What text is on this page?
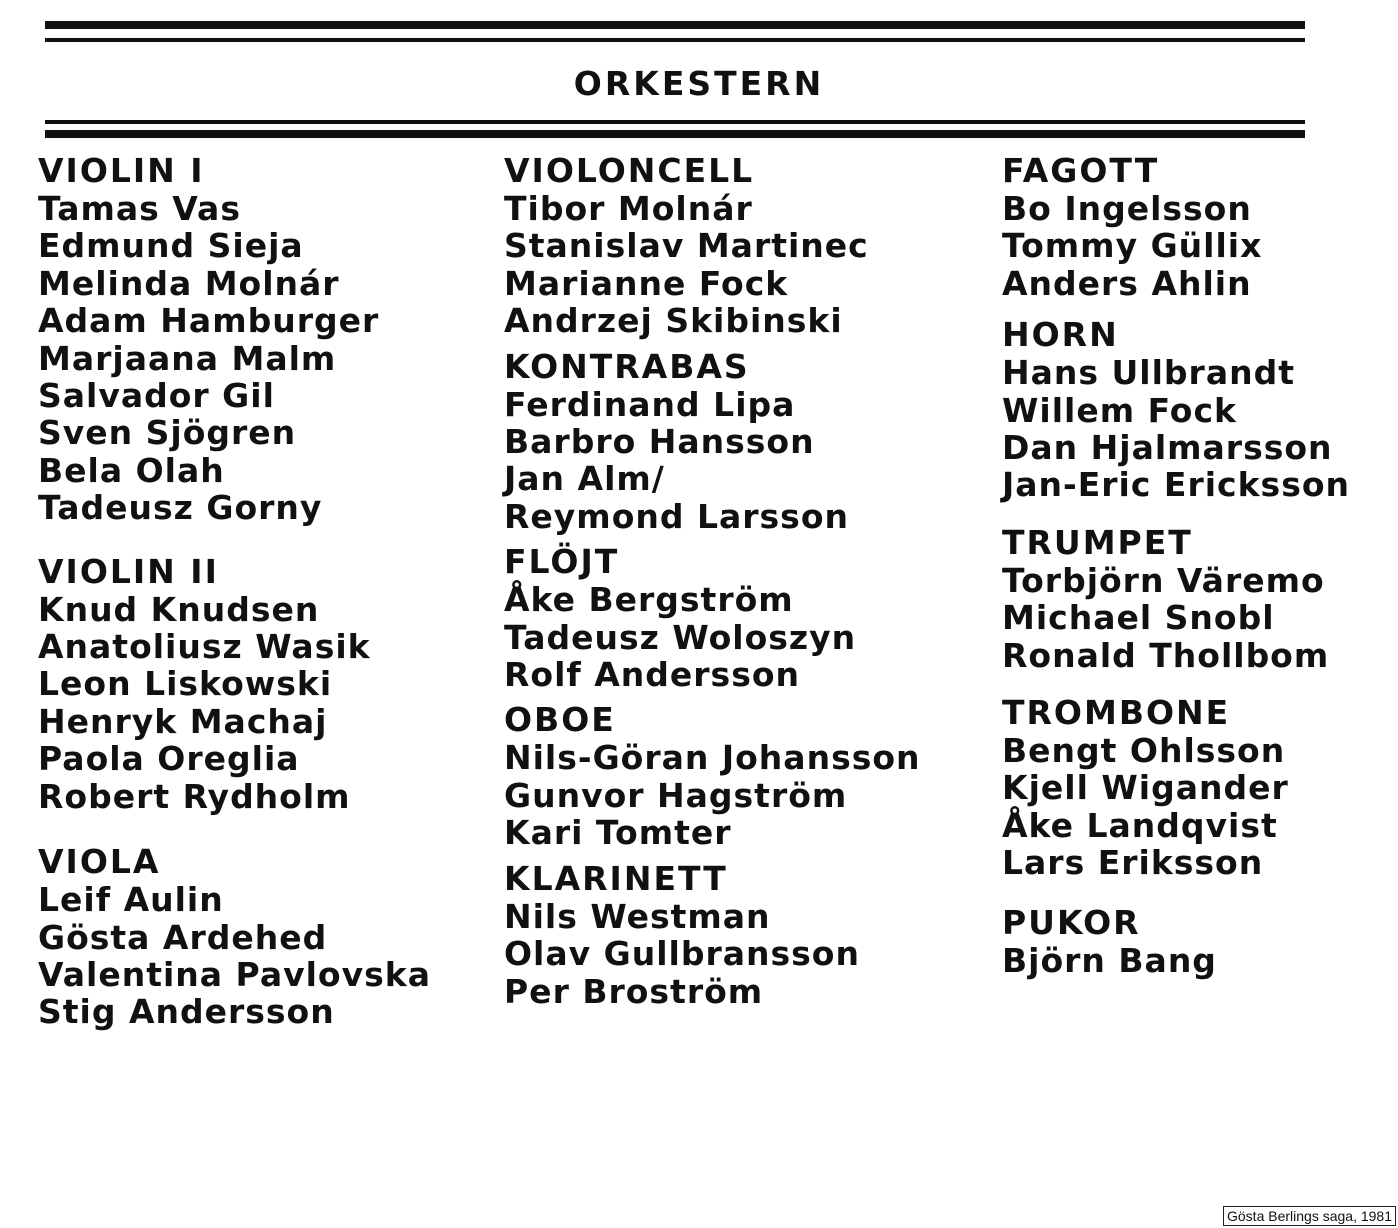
ORKESTERN
VIOLIN I
Tamas Vas
Edmund Sieja
Melinda Molnár
Adam Hamburger
Marjaana Malm
Salvador Gil
Sven Sjögren
Bela Olah
Tadeusz Gorny
VIOLIN II
Knud Knudsen
Anatoliusz Wasik
Leon Liskowski
Henryk Machaj
Paola Oreglia
Robert Rydholm
VIOLA
Leif Aulin
Gösta Ardehed
Valentina Pavlovska
Stig Andersson
VIOLONCELL
Tibor Molnár
Stanislav Martinec
Marianne Fock
Andrzej Skibinski
KONTRABAS
Ferdinand Lipa
Barbro Hansson
Jan Alm/
Reymond Larsson
FLÖJT
Åke Bergström
Tadeusz Woloszyn
Rolf Andersson
OBOE
Nils-Göran Johansson
Gunvor Hagström
Kari Tomter
KLARINETT
Nils Westman
Olav Gullbransson
Per Broström
FAGOTT
Bo Ingelsson
Tommy Güllix
Anders Ahlin
HORN
Hans Ullbrandt
Willem Fock
Dan Hjalmarsson
Jan-Eric Ericksson
TRUMPET
Torbjörn Väremo
Michael Snobl
Ronald Thollbom
TROMBONE
Bengt Ohlsson
Kjell Wigander
Åke Landqvist
Lars Eriksson
PUKOR
Björn Bang
Gösta Berlings saga, 1981
